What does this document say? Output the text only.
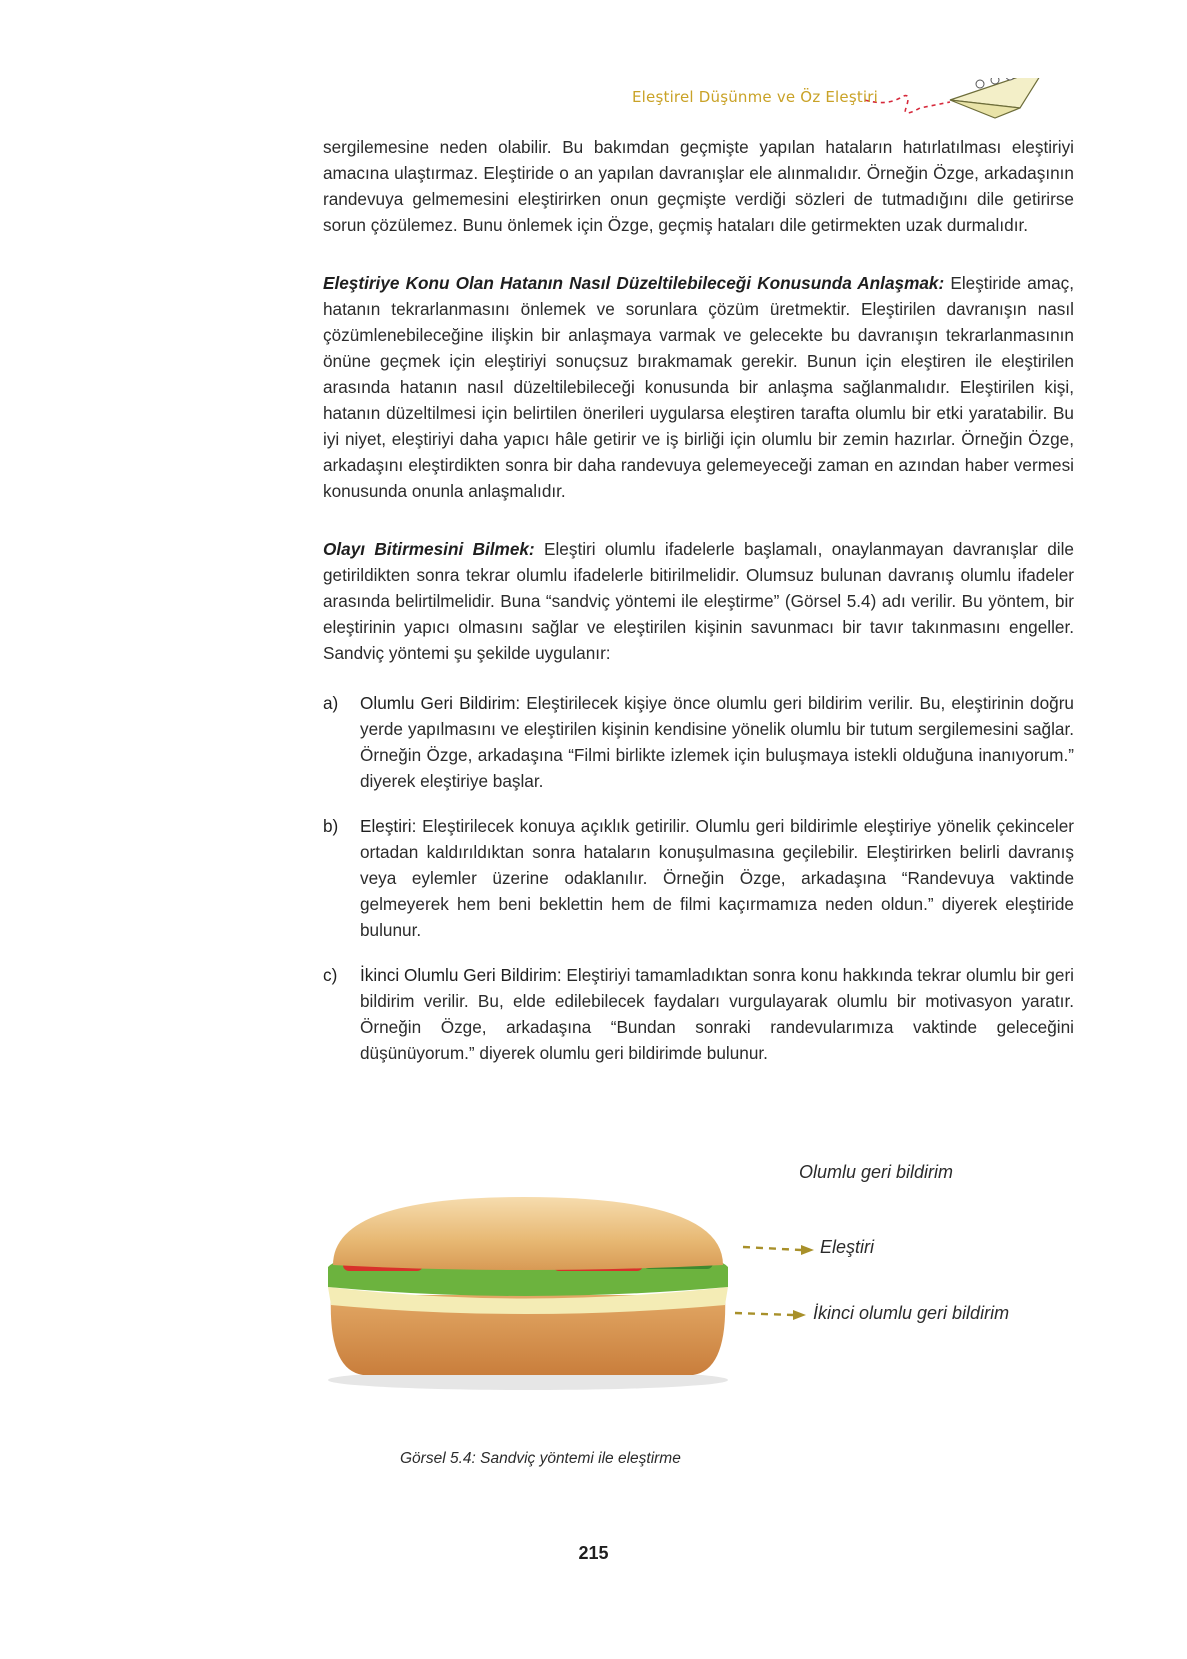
Eleştirel Düşünme ve Öz Eleştiri

sergilemesine neden olabilir. Bu bakımdan geçmişte yapılan hataların hatırlatılması eleştiriyi amacına ulaştırmaz. Eleştiride o an yapılan davranışlar ele alınmalıdır. Örneğin Özge, arkadaşının randevuya gelmemesini eleştirirken onun geçmişte verdiği sözleri de tutmadığını dile getirirse sorun çözülemez. Bunu önlemek için Özge, geçmiş hataları dile getirmekten uzak durmalıdır.

Eleştiriye Konu Olan Hatanın Nasıl Düzeltilebileceği Konusunda Anlaşmak: Eleştiride amaç, hatanın tekrarlanmasını önlemek ve sorunlara çözüm üretmektir. Eleştirilen davranışın nasıl çözümlenebileceğine ilişkin bir anlaşmaya varmak ve gelecekte bu davranışın tekrarlanmasının önüne geçmek için eleştiriyi sonuçsuz bırakmamak gerekir. Bunun için eleştiren ile eleştirilen arasında hatanın nasıl düzeltilebileceği konusunda bir anlaşma sağlanmalıdır. Eleştirilen kişi, hatanın düzeltilmesi için belirtilen önerileri uygularsa eleştiren tarafta olumlu bir etki yaratabilir. Bu iyi niyet, eleştiriyi daha yapıcı hâle getirir ve iş birliği için olumlu bir zemin hazırlar. Örneğin Özge, arkadaşını eleştirdikten sonra bir daha randevuya gelemeyeceği zaman en azından haber vermesi konusunda onunla anlaşmalıdır.

Olayı Bitirmesini Bilmek: Eleştiri olumlu ifadelerle başlamalı, onaylanmayan davranışlar dile getirildikten sonra tekrar olumlu ifadelerle bitirilmelidir. Olumsuz bulunan davranış olumlu ifadeler arasında belirtilmelidir. Buna “sandviç yöntemi ile eleştirme” (Görsel 5.4) adı verilir. Bu yöntem, bir eleştirinin yapıcı olmasını sağlar ve eleştirilen kişinin savunmacı bir tavır takınmasını engeller. Sandviç yöntemi şu şekilde uygulanır:

a) Olumlu Geri Bildirim: Eleştirilecek kişiye önce olumlu geri bildirim verilir. Bu, eleştirinin doğru yerde yapılmasını ve eleştirilen kişinin kendisine yönelik olumlu bir tutum sergilemesini sağlar. Örneğin Özge, arkadaşına “Filmi birlikte izlemek için buluşmaya istekli olduğuna inanıyorum.” diyerek eleştiriye başlar.
b) Eleştiri: Eleştirilecek konuya açıklık getirilir. Olumlu geri bildirimle eleştiriye yönelik çekinceler ortadan kaldırıldıktan sonra hataların konuşulmasına geçilebilir. Eleştirirken belirli davranış veya eylemler üzerine odaklanılır. Örneğin Özge, arkadaşına “Randevuya vaktinde gelmeyerek hem beni beklettin hem de filmi kaçırmamıza neden oldun.” diyerek eleştiride bulunur.
c) İkinci Olumlu Geri Bildirim: Eleştiriyi tamamladıktan sonra konu hakkında tekrar olumlu bir geri bildirim verilir. Bu, elde edilebilecek faydaları vurgulayarak olumlu bir motivasyon yaratır. Örneğin Özge, arkadaşına “Bundan sonraki randevularımıza vaktinde geleceğini düşünüyorum.” diyerek olumlu geri bildirimde bulunur.
Olumlu geri bildirim
Eleştiri
İkinci olumlu geri bildirim
Görsel 5.4: Sandviç yöntemi ile eleştirme
215
